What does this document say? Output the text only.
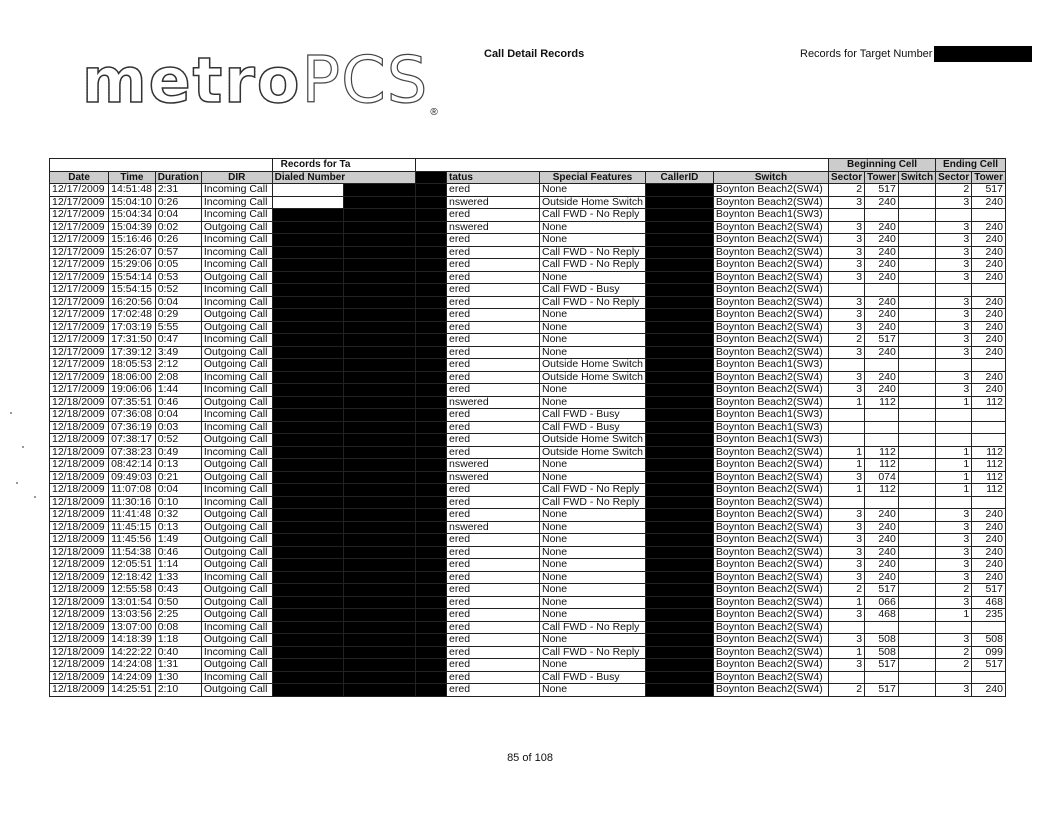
metroPCS ®
Call Detail Records	Records for Target Number
				Records for Ta							Beginning Cell			Ending Cell	
Date	Time	Duration	DIR	Dialed Number			tatus	Special Features	CallerID	Switch	Sector	Tower	Switch	Sector	Tower
12/17/2009	14:51:48	2:31	Incoming Call				ered	None		Boynton Beach2(SW4)	2	517		2	517
12/17/2009	15:04:10	0:26	Incoming Call				nswered	Outside Home Switch		Boynton Beach2(SW4)	3	240		3	240
12/17/2009	15:04:34	0:04	Incoming Call				ered	Call FWD - No Reply		Boynton Beach1(SW3)					
12/17/2009	15:04:39	0:02	Outgoing Call				nswered	None		Boynton Beach2(SW4)	3	240		3	240
12/17/2009	15:16:46	0:26	Incoming Call				ered	None		Boynton Beach2(SW4)	3	240		3	240
12/17/2009	15:26:07	0:57	Incoming Call				ered	Call FWD - No Reply		Boynton Beach2(SW4)	3	240		3	240
12/17/2009	15:29:06	0:05	Incoming Call				ered	Call FWD - No Reply		Boynton Beach2(SW4)	3	240		3	240
12/17/2009	15:54:14	0:53	Outgoing Call				ered	None		Boynton Beach2(SW4)	3	240		3	240
12/17/2009	15:54:15	0:52	Incoming Call				ered	Call FWD - Busy		Boynton Beach2(SW4)					
12/17/2009	16:20:56	0:04	Incoming Call				ered	Call FWD - No Reply		Boynton Beach2(SW4)	3	240		3	240
12/17/2009	17:02:48	0:29	Outgoing Call				ered	None		Boynton Beach2(SW4)	3	240		3	240
12/17/2009	17:03:19	5:55	Outgoing Call				ered	None		Boynton Beach2(SW4)	3	240		3	240
12/17/2009	17:31:50	0:47	Incoming Call				ered	None		Boynton Beach2(SW4)	2	517		3	240
12/17/2009	17:39:12	3:49	Outgoing Call				ered	None		Boynton Beach2(SW4)	3	240		3	240
12/17/2009	18:05:53	2:12	Outgoing Call				ered	Outside Home Switch		Boynton Beach1(SW3)					
12/17/2009	18:06:00	2:08	Incoming Call				ered	Outside Home Switch		Boynton Beach2(SW4)	3	240		3	240
12/17/2009	19:06:06	1:44	Incoming Call				ered	None		Boynton Beach2(SW4)	3	240		3	240
12/18/2009	07:35:51	0:46	Outgoing Call				nswered	None		Boynton Beach2(SW4)	1	112		1	112
12/18/2009	07:36:08	0:04	Incoming Call				ered	Call FWD - Busy		Boynton Beach1(SW3)					
12/18/2009	07:36:19	0:03	Incoming Call				ered	Call FWD - Busy		Boynton Beach1(SW3)					
12/18/2009	07:38:17	0:52	Outgoing Call				ered	Outside Home Switch		Boynton Beach1(SW3)					
12/18/2009	07:38:23	0:49	Incoming Call				ered	Outside Home Switch		Boynton Beach2(SW4)	1	112		1	112
12/18/2009	08:42:14	0:13	Outgoing Call				nswered	None		Boynton Beach2(SW4)	1	112		1	112
12/18/2009	09:49:03	0:21	Outgoing Call				nswered	None		Boynton Beach2(SW4)	3	074		1	112
12/18/2009	11:07:08	0:04	Incoming Call				ered	Call FWD - No Reply		Boynton Beach2(SW4)	1	112		1	112
12/18/2009	11:30:16	0:10	Incoming Call				ered	Call FWD - No Reply		Boynton Beach2(SW4)					
12/18/2009	11:41:48	0:32	Outgoing Call				ered	None		Boynton Beach2(SW4)	3	240		3	240
12/18/2009	11:45:15	0:13	Outgoing Call				nswered	None		Boynton Beach2(SW4)	3	240		3	240
12/18/2009	11:45:56	1:49	Outgoing Call				ered	None		Boynton Beach2(SW4)	3	240		3	240
12/18/2009	11:54:38	0:46	Outgoing Call				ered	None		Boynton Beach2(SW4)	3	240		3	240
12/18/2009	12:05:51	1:14	Outgoing Call				ered	None		Boynton Beach2(SW4)	3	240		3	240
12/18/2009	12:18:42	1:33	Incoming Call				ered	None		Boynton Beach2(SW4)	3	240		3	240
12/18/2009	12:55:58	0:43	Outgoing Call				ered	None		Boynton Beach2(SW4)	2	517		2	517
12/18/2009	13:01:54	0:50	Outgoing Call				ered	None		Boynton Beach2(SW4)	1	066		3	468
12/18/2009	13:03:56	2:25	Outgoing Call				ered	None		Boynton Beach2(SW4)	3	468		1	235
12/18/2009	13:07:00	0:08	Incoming Call				ered	Call FWD - No Reply		Boynton Beach2(SW4)					
12/18/2009	14:18:39	1:18	Outgoing Call				ered	None		Boynton Beach2(SW4)	3	508		3	508
12/18/2009	14:22:22	0:40	Incoming Call				ered	Call FWD - No Reply		Boynton Beach2(SW4)	1	508		2	099
12/18/2009	14:24:08	1:31	Outgoing Call				ered	None		Boynton Beach2(SW4)	3	517		2	517
12/18/2009	14:24:09	1:30	Incoming Call				ered	Call FWD - Busy		Boynton Beach2(SW4)					
12/18/2009	14:25:51	2:10	Outgoing Call				ered	None		Boynton Beach2(SW4)	2	517		3	240
85 of 108
